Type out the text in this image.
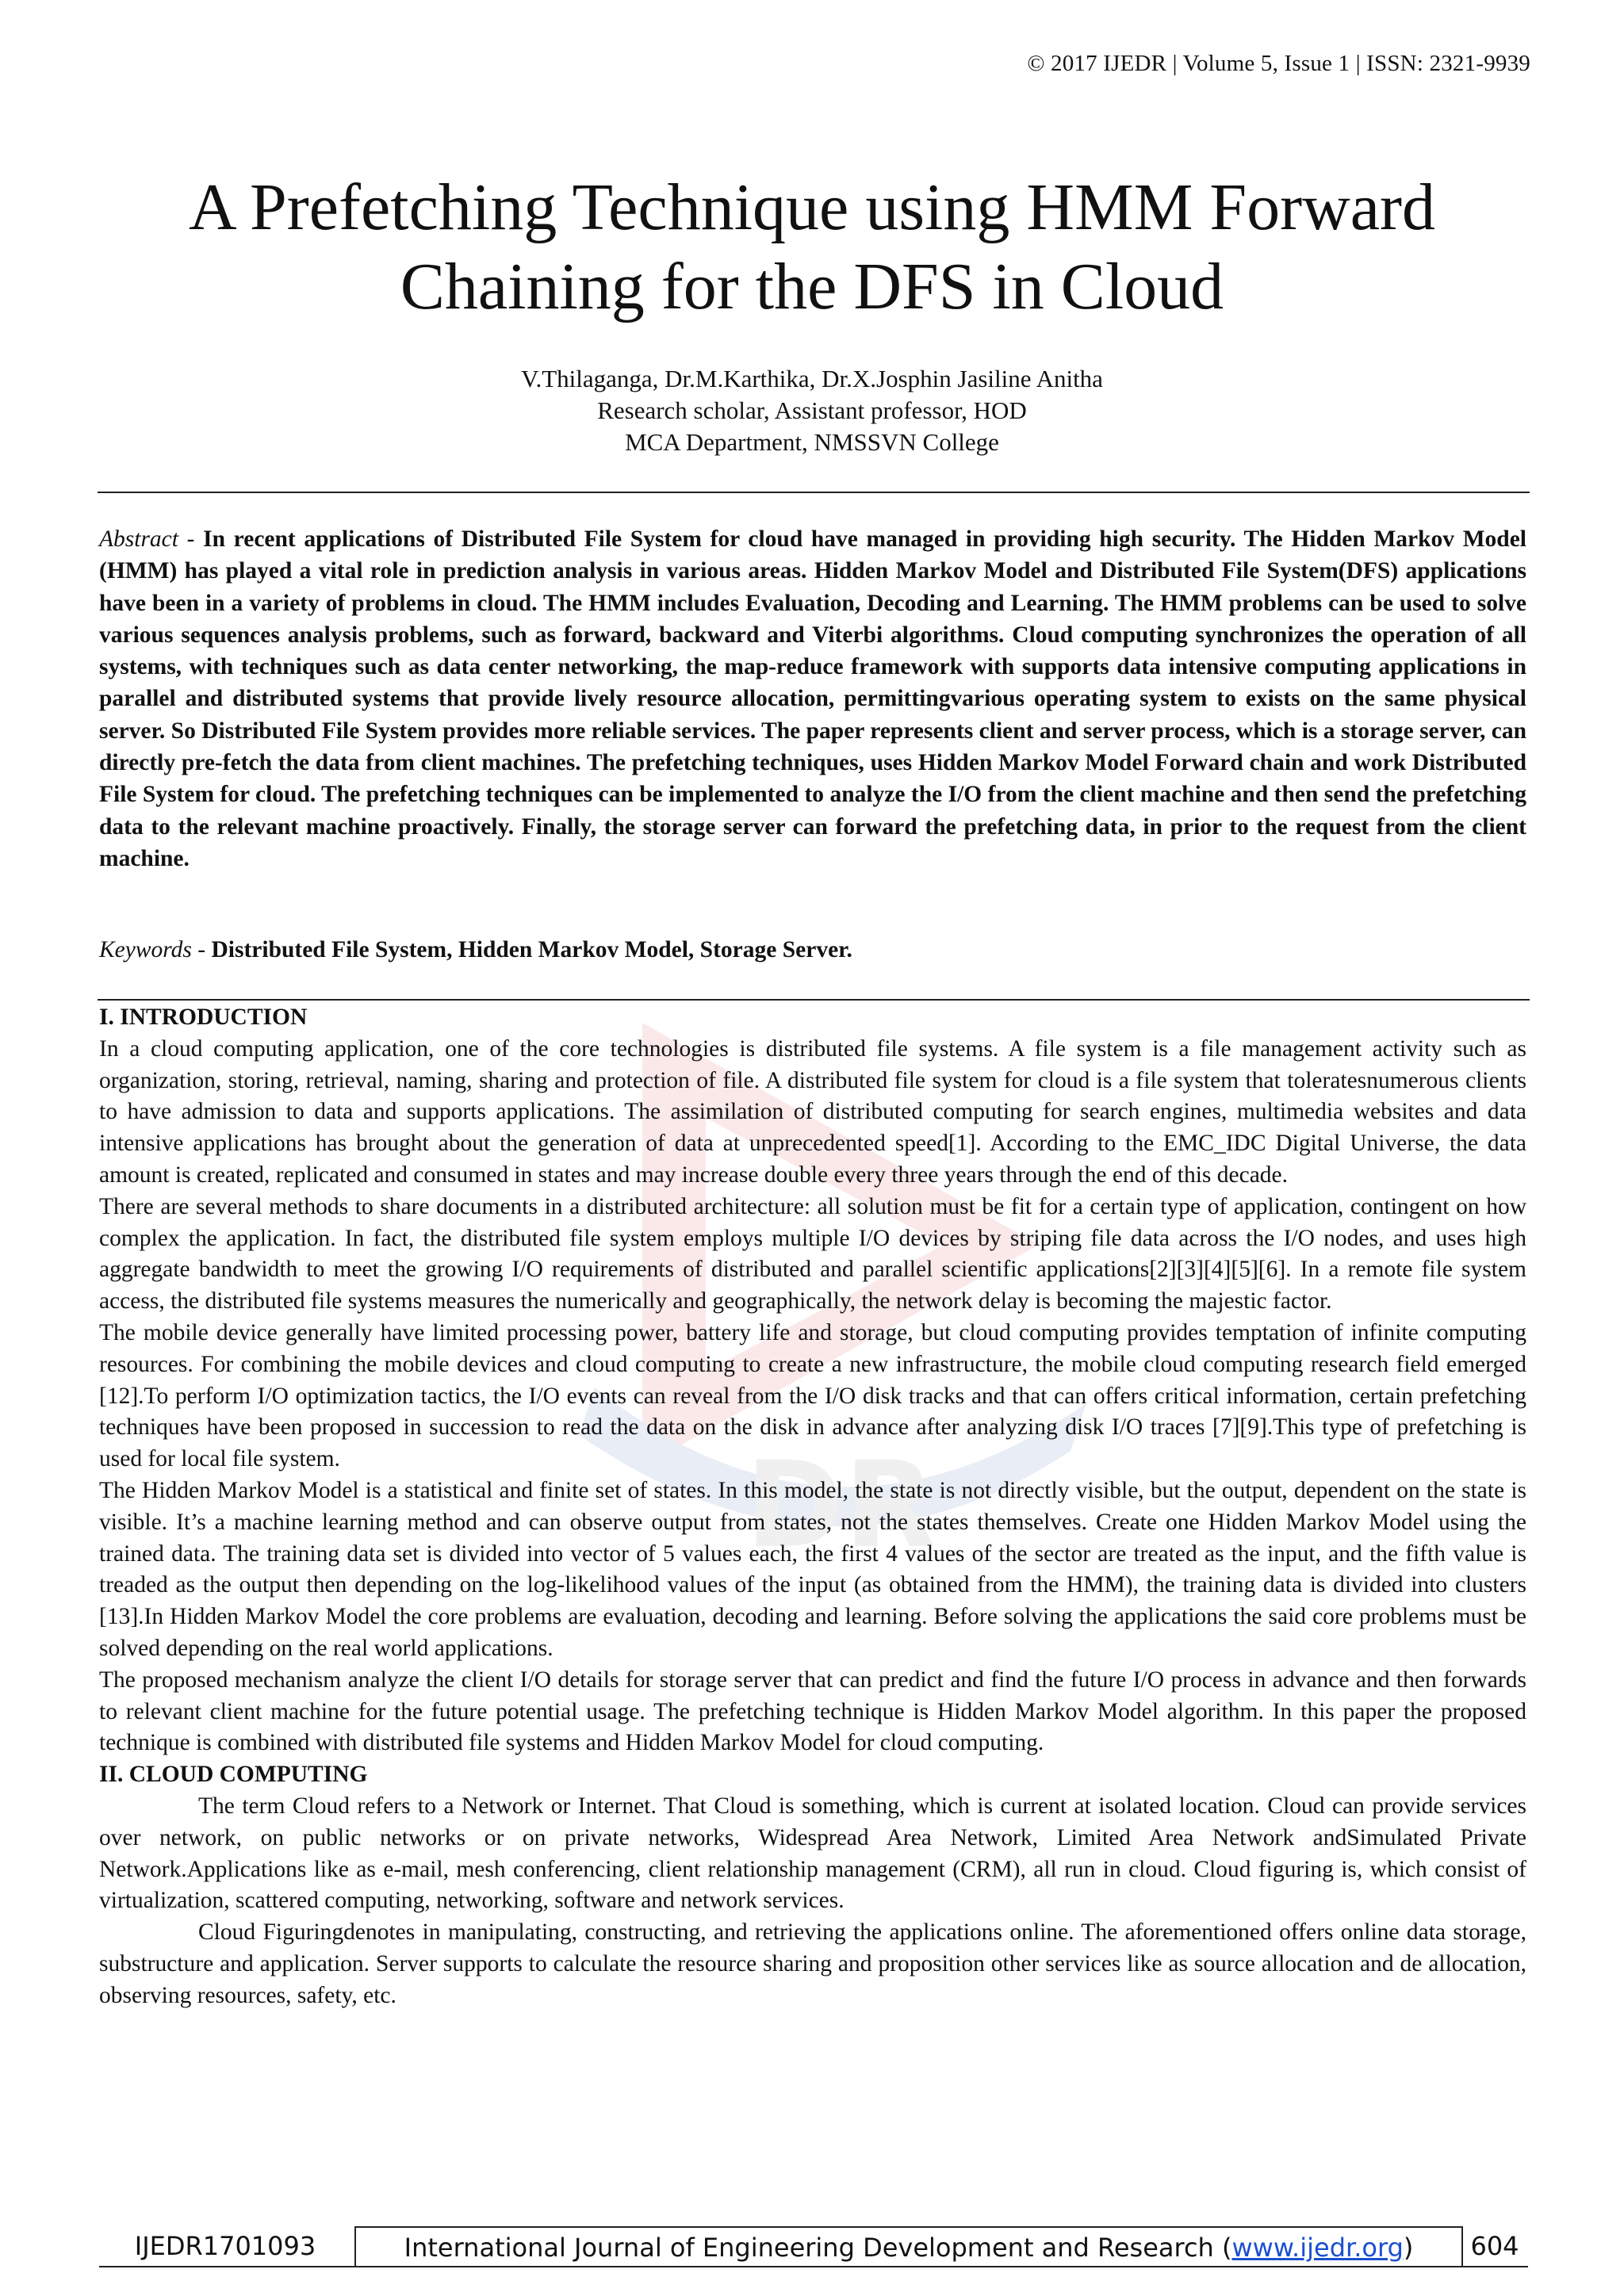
DR
© 2017 IJEDR | Volume 5, Issue 1 | ISSN: 2321-9939
A Prefetching Technique using HMM Forward
Chaining for the DFS in Cloud
V.Thilaganga, Dr.M.Karthika, Dr.X.Josphin Jasiline Anitha
Research scholar, Assistant professor, HOD
MCA Department, NMSSVN College
Abstract - In recent applications of Distributed File System for cloud have managed in providing high security. The Hidden Markov Model (HMM) has played a vital role in prediction analysis in various areas. Hidden Markov Model and Distributed File System(DFS) applications have been in a variety of problems in cloud. The HMM includes Evaluation, Decoding and Learning. The HMM problems can be used to solve various sequences analysis problems, such as forward, backward and Viterbi algorithms. Cloud computing synchronizes the operation of all systems, with techniques such as data center networking, the map-reduce framework with supports data intensive computing applications in parallel and distributed systems that provide lively resource allocation, permittingvarious operating system to exists on the same physical server. So Distributed File System provides more reliable services. The paper represents client and server process, which is a storage server, can directly pre-fetch the data from client machines. The prefetching techniques, uses Hidden Markov Model Forward chain and work Distributed File System for cloud. The prefetching techniques can be implemented to analyze the I/O from the client machine and then send the prefetching data to the relevant machine proactively. Finally, the storage server can forward the prefetching data, in prior to the request from the client machine.
Keywords - Distributed File System, Hidden Markov Model, Storage Server.
I. INTRODUCTION

In a cloud computing application, one of the core technologies is distributed file systems. A file system is a file management activity such as organization, storing, retrieval, naming, sharing and protection of file. A distributed file system for cloud is a file system that toleratesnumerous clients to have admission to data and supports applications. The assimilation of distributed computing for search engines, multimedia websites and data intensive applications has brought about the generation of data at unprecedented speed[1]. According to the EMC_IDC Digital Universe, the data amount is created, replicated and consumed in states and may increase double every three years through the end of this decade.

There are several methods to share documents in a distributed architecture: all solution must be fit for a certain type of application, contingent on how complex the application. In fact, the distributed file system employs multiple I/O devices by striping file data across the I/O nodes, and uses high aggregate bandwidth to meet the growing I/O requirements of distributed and parallel scientific applications[2][3][4][5][6]. In a remote file system access, the distributed file systems measures the numerically and geographically, the network delay is becoming the majestic factor.

The mobile device generally have limited processing power, battery life and storage, but cloud computing provides temptation of infinite computing resources. For combining the mobile devices and cloud computing to create a new infrastructure, the mobile cloud computing research field emerged [12].To perform I/O optimization tactics, the I/O events can reveal from the I/O disk tracks and that can offers critical information, certain prefetching techniques have been proposed in succession to read the data on the disk in advance after analyzing disk I/O traces [7][9].This type of prefetching is used for local file system.

The Hidden Markov Model is a statistical and finite set of states. In this model, the state is not directly visible, but the output, dependent on the state is visible. It’s a machine learning method and can observe output from states, not the states themselves. Create one Hidden Markov Model using the trained data. The training data set is divided into vector of 5 values each, the first 4 values of the sector are treated as the input, and the fifth value is treaded as the output then depending on the log-likelihood values of the input (as obtained from the HMM), the training data is divided into clusters [13].In Hidden Markov Model the core problems are evaluation, decoding and learning. Before solving the applications the said core problems must be solved depending on the real world applications.

The proposed mechanism analyze the client I/O details for storage server that can predict and find the future I/O process in advance and then forwards to relevant client machine for the future potential usage. The prefetching technique is Hidden Markov Model algorithm. In this paper the proposed technique is combined with distributed file systems and Hidden Markov Model for cloud computing.

II. CLOUD COMPUTING

The term Cloud refers to a Network or Internet. That Cloud is something, which is current at isolated location. Cloud can provide services over network, on public networks or on private networks, Widespread Area Network, Limited Area Network andSimulated Private Network.Applications like as e-mail, mesh conferencing, client relationship management (CRM), all run in cloud. Cloud figuring is, which consist of virtualization, scattered computing, networking, software and network services.

Cloud Figuringdenotes in manipulating, constructing, and retrieving the applications online. The aforementioned offers online data storage, substructure and application. Server supports to calculate the resource sharing and proposition other services like as source allocation and de allocation, observing resources, safety, etc.

IJEDR1701093	International Journal of Engineering Development and Research (www.ijedr.org)	604
